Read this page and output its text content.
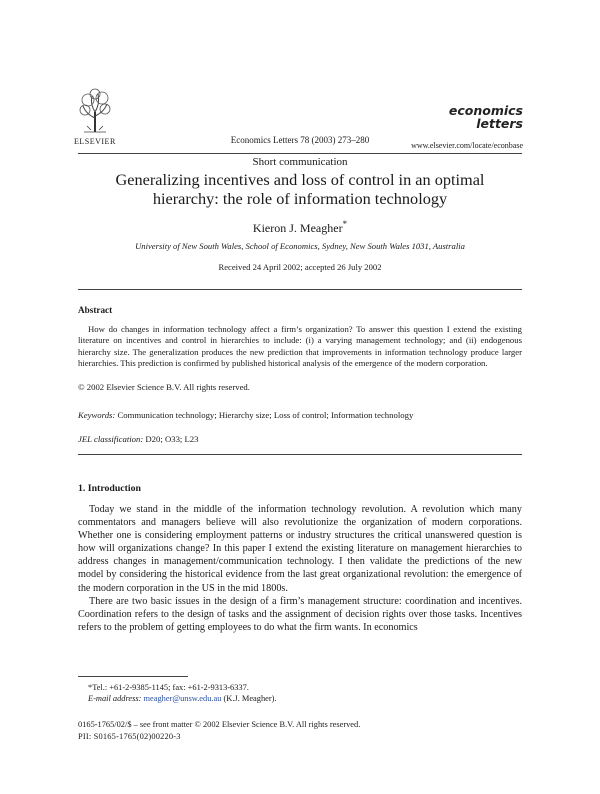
ELSEVIER	Economics Letters 78 (2003) 273–280
economics
letters
www.elsevier.com/locate/econbase
Short communication
Generalizing incentives and loss of control in an optimal
hierarchy: the role of information technology
Kieron J. Meagher*
University of New South Wales, School of Economics, Sydney, New South Wales 1031, Australia
Received 24 April 2002; accepted 26 July 2002
Abstract
How do changes in information technology affect a firm’s organization? To answer this question I extend the existing literature on incentives and control in hierarchies to include: (i) a varying management technology; and (ii) endogenous hierarchy size. The generalization produces the new prediction that improvements in information technology produce larger hierarchies. This prediction is confirmed by published historical analysis of the emergence of the modern corporation.
© 2002 Elsevier Science B.V. All rights reserved.
Keywords: Communication technology; Hierarchy size; Loss of control; Information technology
JEL classification: D20; O33; L23
1. Introduction

Today we stand in the middle of the information technology revolution. A revolution which many commentators and managers believe will also revolutionize the organization of modern corporations. Whether one is considering employment patterns or industry structures the critical unanswered question is how will organizations change? In this paper I extend the existing literature on management hierarchies to address changes in management/communication technology. I then validate the predictions of the new model by considering the historical evidence from the last great organizational revolution: the emergence of the modern corporation in the US in the mid 1800s.

There are two basic issues in the design of a firm’s management structure: coordination and incentives. Coordination refers to the design of tasks and the assignment of decision rights over those tasks. Incentives refers to the problem of getting employees to do what the firm wants. In economics

*Tel.: +61-2-9385-1145; fax: +61-2-9313-6337.
E-mail address: meagher@unsw.edu.au (K.J. Meagher).
0165-1765/02/$ – see front matter © 2002 Elsevier Science B.V. All rights reserved.
PII: S0165-1765(02)00220-3
